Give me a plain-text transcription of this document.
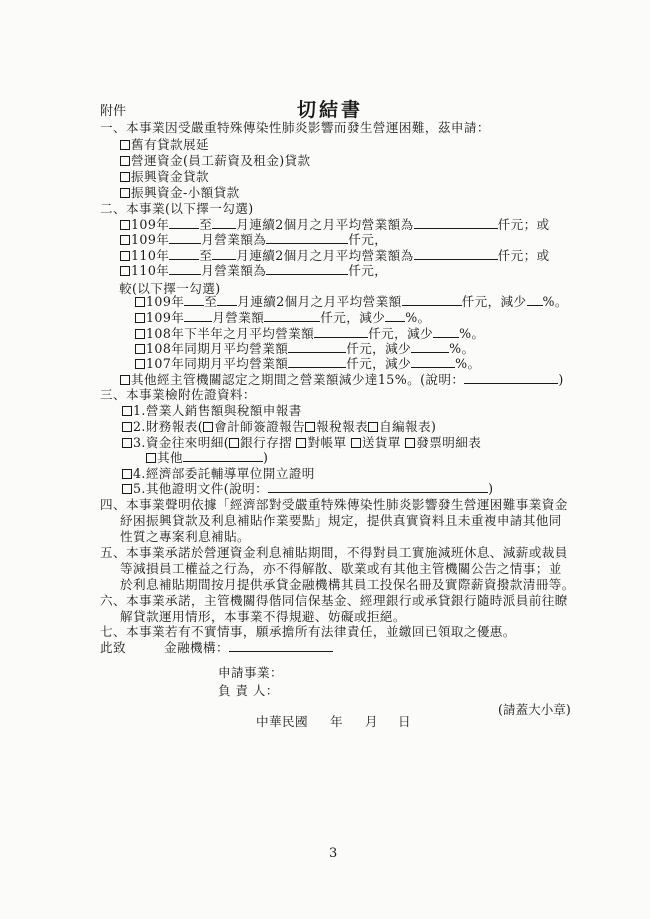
附件	切結書
一、本事業因受嚴重特殊傳染性肺炎影響而發生營運困難，茲申請：
舊有貸款展延
營運資金(員工薪資及租金)貸款
振興資金貸款
振興資金-小額貸款
二、本事業(以下擇一勾選)
109年 至 月連續2個月之月平均營業額為	仟元；或
109年	月營業額為	仟元，
110年 至 月連續2個月之月平均營業額為	仟元；或
110年	月營業額為	仟元，
較(以下擇一勾選)
109年 至 月連續2個月之月平均營業額	仟元，減少 %。
109年 月營業額	仟元，減少 %。
108年下半年之月平均營業額	仟元，減少 %。
108年同期月平均營業額	仟元，減少	%。
107年同期月平均營業額	仟元，減少	%。
其他經主管機關認定之期間之營業額減少達15%。(說明：	)
三、本事業檢附佐證資料：
1.營業人銷售額與稅額申報書
2.財務報表( 會計師簽證報告 報稅報表 自編報表)
3.資金往來明細( 銀行存摺 對帳單 送貨單 發票明細表
其他	)
4.經濟部委託輔導單位開立證明
5.其他證明文件(說明：	)
四、本事業聲明依據「經濟部對受嚴重特殊傳染性肺炎影響發生營運困難事業資金
紓困振興貸款及利息補貼作業要點」規定，提供真實資料且未重複申請其他同
性質之專案利息補貼。
五、本事業承諾於營運資金利息補貼期間，不得對員工實施減班休息、減薪或裁員
等減損員工權益之行為，亦不得解散、歇業或有其他主管機關公告之情事；並
於利息補貼期間按月提供承貸金融機構其員工投保名冊及實際薪資撥款清冊等。
六、本事業承諾，主管機關得偕同信保基金、經理銀行或承貸銀行隨時派員前往瞭
解貸款運用情形，本事業不得規避、妨礙或拒絕。
七、本事業若有不實情事，願承擔所有法律責任，並繳回已領取之優惠。
此致	金融機構：
申請事業：
負 責 人：
(請蓋大小章)
中華民國 年 月 日
3
